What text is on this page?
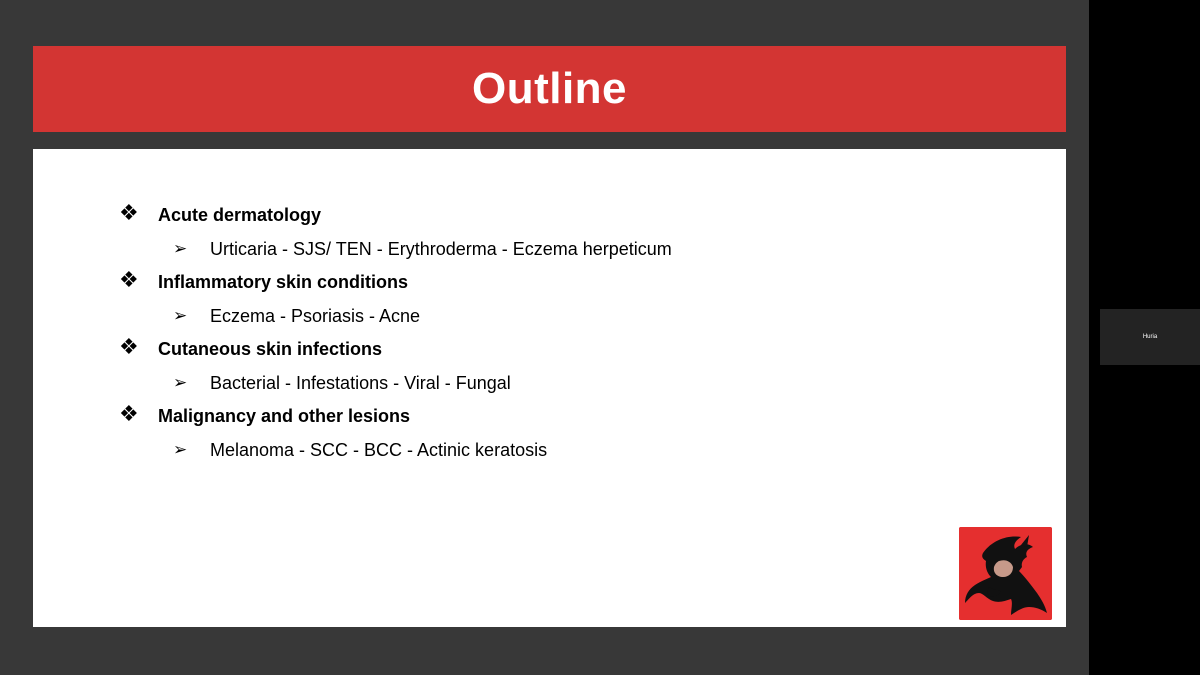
Outline
❖ Acute dermatology
➢ Urticaria - SJS/ TEN - Erythroderma - Eczema herpeticum
❖ Inflammatory skin conditions
➢ Eczema - Psoriasis - Acne
❖ Cutaneous skin infections
➢ Bacterial - Infestations - Viral - Fungal
❖ Malignancy and other lesions
➢ Melanoma - SCC - BCC - Actinic keratosis
Huria
